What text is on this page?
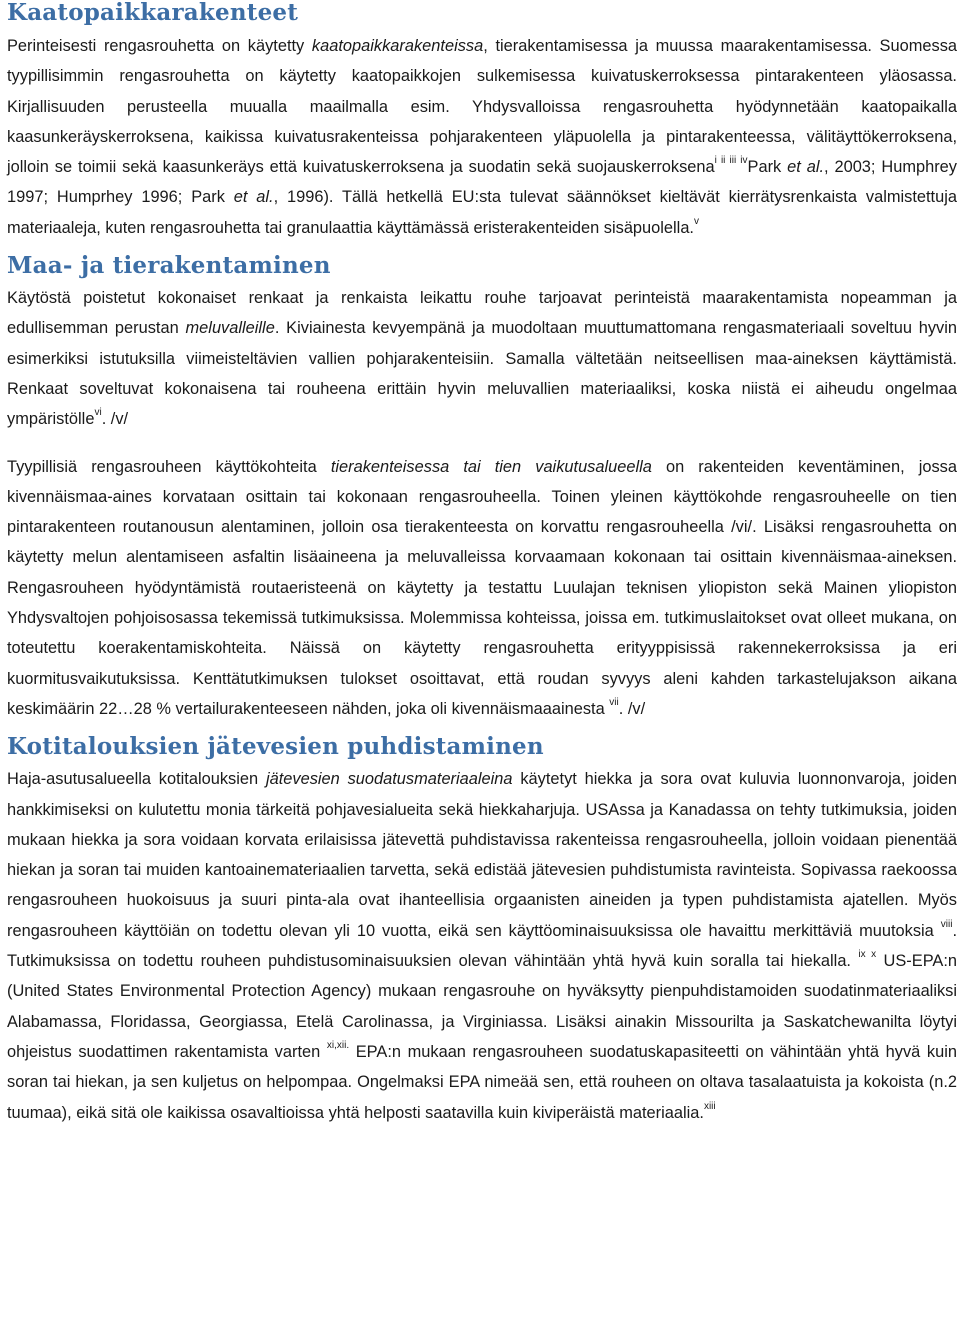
Kaatopaikkarakenteet

Perinteisesti rengasrouhetta on käytetty kaatopaikkarakenteissa, tierakentamisessa ja muussa maarakentamisessa. Suomessa tyypillisimmin rengasrouhetta on käytetty kaatopaikkojen sulkemisessa kuivatuskerroksessa pintarakenteen yläosassa. Kirjallisuuden perusteella muualla maailmalla esim. Yhdysvalloissa rengasrouhetta hyödynnetään kaatopaikalla kaasunkeräyskerroksena, kaikissa kuivatusrakenteissa pohjarakenteen yläpuolella ja pintarakenteessa, välitäyttökerroksena, jolloin se toimii sekä kaasunkeräys että kuivatuskerroksena ja suodatin sekä suojauskerroksena$^{i ii iii iv}$Park et al., 2003; Humphrey 1997; Humprhey 1996; Park et al., 1996). Tällä hetkellä EU:sta tulevat säännökset kieltävät kierrätysrenkaista valmistettuja materiaaleja, kuten rengasrouhetta tai granulaattia käyttämässä eristerakenteiden sisäpuolella.$^v$

Maa- ja tierakentaminen

Käytöstä poistetut kokonaiset renkaat ja renkaista leikattu rouhe tarjoavat perinteistä maarakentamista nopeamman ja edullisemman perustan meluvalleille. Kiviainesta kevyempänä ja muodoltaan muuttumattomana rengasmateriaali soveltuu hyvin esimerkiksi istutuksilla viimeisteltävien vallien pohjarakenteisiin. Samalla vältetään neitseellisen maa-aineksen käyttämistä. Renkaat soveltuvat kokonaisena tai rouheena erittäin hyvin meluvallien materiaaliksi, koska niistä ei aiheudu ongelmaa ympäristölle$^{vi}$. /v/

Tyypillisiä rengasrouheen käyttökohteita tierakenteisessa tai tien vaikutusalueella on rakenteiden keventäminen, jossa kivennäismaa-aines korvataan osittain tai kokonaan rengasrouheella. Toinen yleinen käyttökohde rengasrouheelle on tien pintarakenteen routanousun alentaminen, jolloin osa tierakenteesta on korvattu rengasrouheella /vi/. Lisäksi rengasrouhetta on käytetty melun alentamiseen asfaltin lisäaineena ja meluvalleissa korvaamaan kokonaan tai osittain kivennäismaa-aineksen. Rengasrouheen hyödyntämistä routaeristeenä on käytetty ja testattu Luulajan teknisen yliopiston sekä Mainen yliopiston Yhdysvaltojen pohjoisosassa tekemissä tutkimuksissa. Molemmissa kohteissa, joissa em. tutkimuslaitokset ovat olleet mukana, on toteutettu koerakentamiskohteita. Näissä on käytetty rengasrouhetta erityyppisissä rakennekerroksissa ja eri kuormitusvaikutuksissa. Kenttätutkimuksen tulokset osoittavat, että roudan syvyys aleni kahden tarkastelujakson aikana keskimäärin 22…28 % vertailurakenteeseen nähden, joka oli kivennäismaaainesta $^{vii}$. /v/

Kotitalouksien jätevesien puhdistaminen

Haja-asutusalueella kotitalouksien jätevesien suodatusmateriaaleina käytetyt hiekka ja sora ovat kuluvia luonnonvaroja, joiden hankkimiseksi on kulutettu monia tärkeitä pohjavesialueita sekä hiekkaharjuja. USAssa ja Kanadassa on tehty tutkimuksia, joiden mukaan hiekka ja sora voidaan korvata erilaisissa jätevettä puhdistavissa rakenteissa rengasrouheella, jolloin voidaan pienentää hiekan ja soran tai muiden kantoainemateriaalien tarvetta, sekä edistää jätevesien puhdistumista ravinteista. Sopivassa raekoossa rengasrouheen huokoisuus ja suuri pinta-ala ovat ihanteellisia orgaanisten aineiden ja typen puhdistamista ajatellen. Myös rengasrouheen käyttöiän on todettu olevan yli 10 vuotta, eikä sen käyttöominaisuuksissa ole havaittu merkittäviä muutoksia $^{viii}$. Tutkimuksissa on todettu rouheen puhdistusominaisuuksien olevan vähintään yhtä hyvä kuin soralla tai hiekalla. $^{ix x}$ US-EPA:n (United States Environmental Protection Agency) mukaan rengasrouhe on hyväksytty pienpuhdistamoiden suodatinmateriaaliksi Alabamassa, Floridassa, Georgiassa, Etelä Carolinassa, ja Virginiassa. Lisäksi ainakin Missourilta ja Saskatchewanilta löytyi ohjeistus suodattimen rakentamista varten $^{xi,xii.}$ EPA:n mukaan rengasrouheen suodatuskapasiteetti on vähintään yhtä hyvä kuin soran tai hiekan, ja sen kuljetus on helpompaa. Ongelmaksi EPA nimeää sen, että rouheen on oltava tasalaatuista ja kokoista (n.2 tuumaa), eikä sitä ole kaikissa osavaltioissa yhtä helposti saatavilla kuin kiviperäistä materiaalia.$^{xiii}$
